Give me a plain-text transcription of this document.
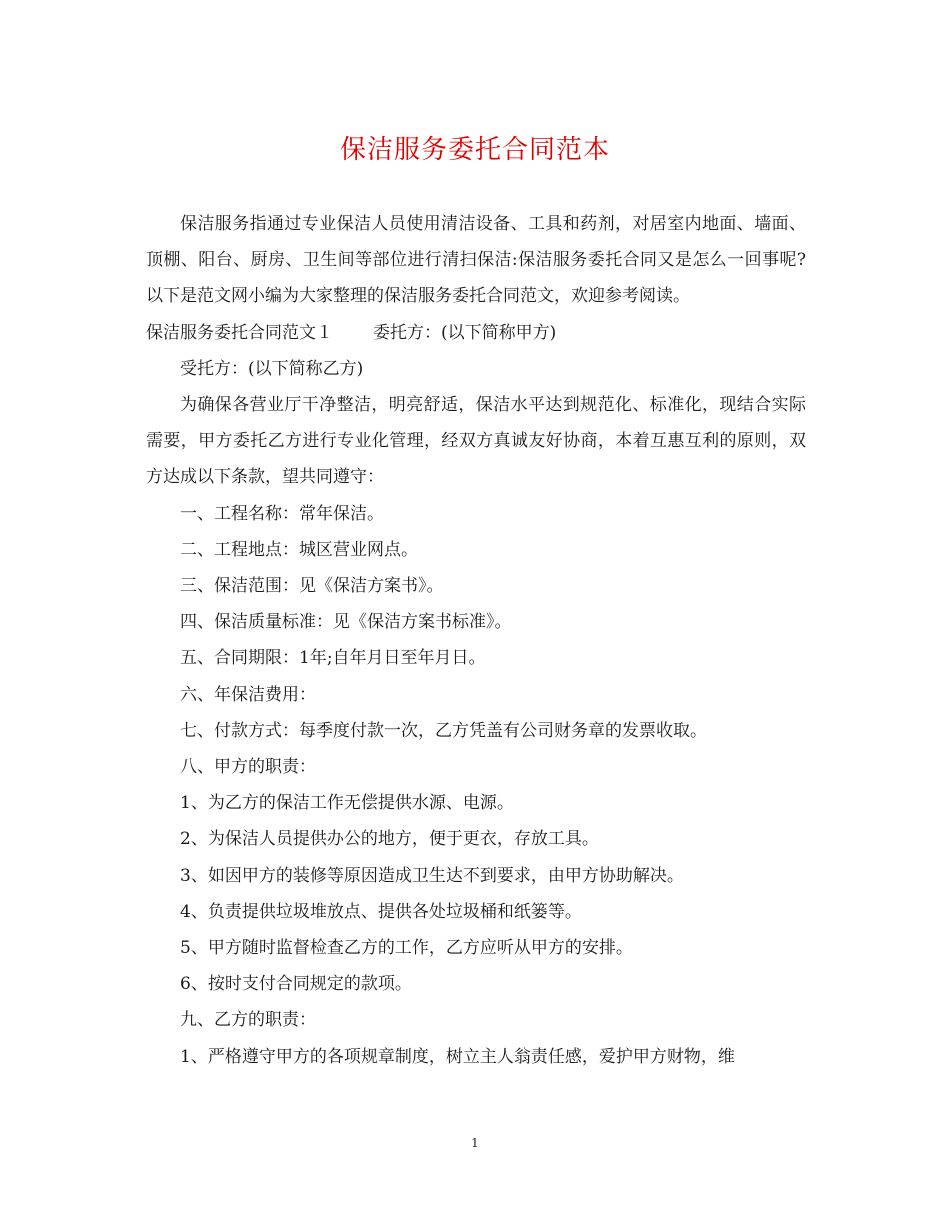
保洁服务委托合同范本

保洁服务指通过专业保洁人员使用清洁设备、工具和药剂，对居室内地面、墙面、顶棚、阳台、厨房、卫生间等部位进行清扫保洁:保洁服务委托合同又是怎么一回事呢?以下是范文网小编为大家整理的保洁服务委托合同范文，欢迎参考阅读。

保洁服务委托合同范文１ 委托方：(以下简称甲方)

受托方：(以下简称乙方)

为确保各营业厅干净整洁，明亮舒适，保洁水平达到规范化、标准化，现结合实际需要，甲方委托乙方进行专业化管理，经双方真诚友好协商，本着互惠互利的原则，双方达成以下条款，望共同遵守：

一、工程名称：常年保洁。

二、工程地点：城区营业网点。

三、保洁范围：见《保洁方案书》。

四、保洁质量标准：见《保洁方案书标准》。

五、合同期限：1年;自年月日至年月日。

六、年保洁费用：

七、付款方式：每季度付款一次，乙方凭盖有公司财务章的发票收取。

八、甲方的职责：

1、为乙方的保洁工作无偿提供水源、电源。

2、为保洁人员提供办公的地方，便于更衣，存放工具。

3、如因甲方的装修等原因造成卫生达不到要求，由甲方协助解决。

4、负责提供垃圾堆放点、提供各处垃圾桶和纸篓等。

5、甲方随时监督检查乙方的工作，乙方应听从甲方的安排。

6、按时支付合同规定的款项。

九、乙方的职责：

1、严格遵守甲方的各项规章制度，树立主人翁责任感，爱护甲方财物，维

1
